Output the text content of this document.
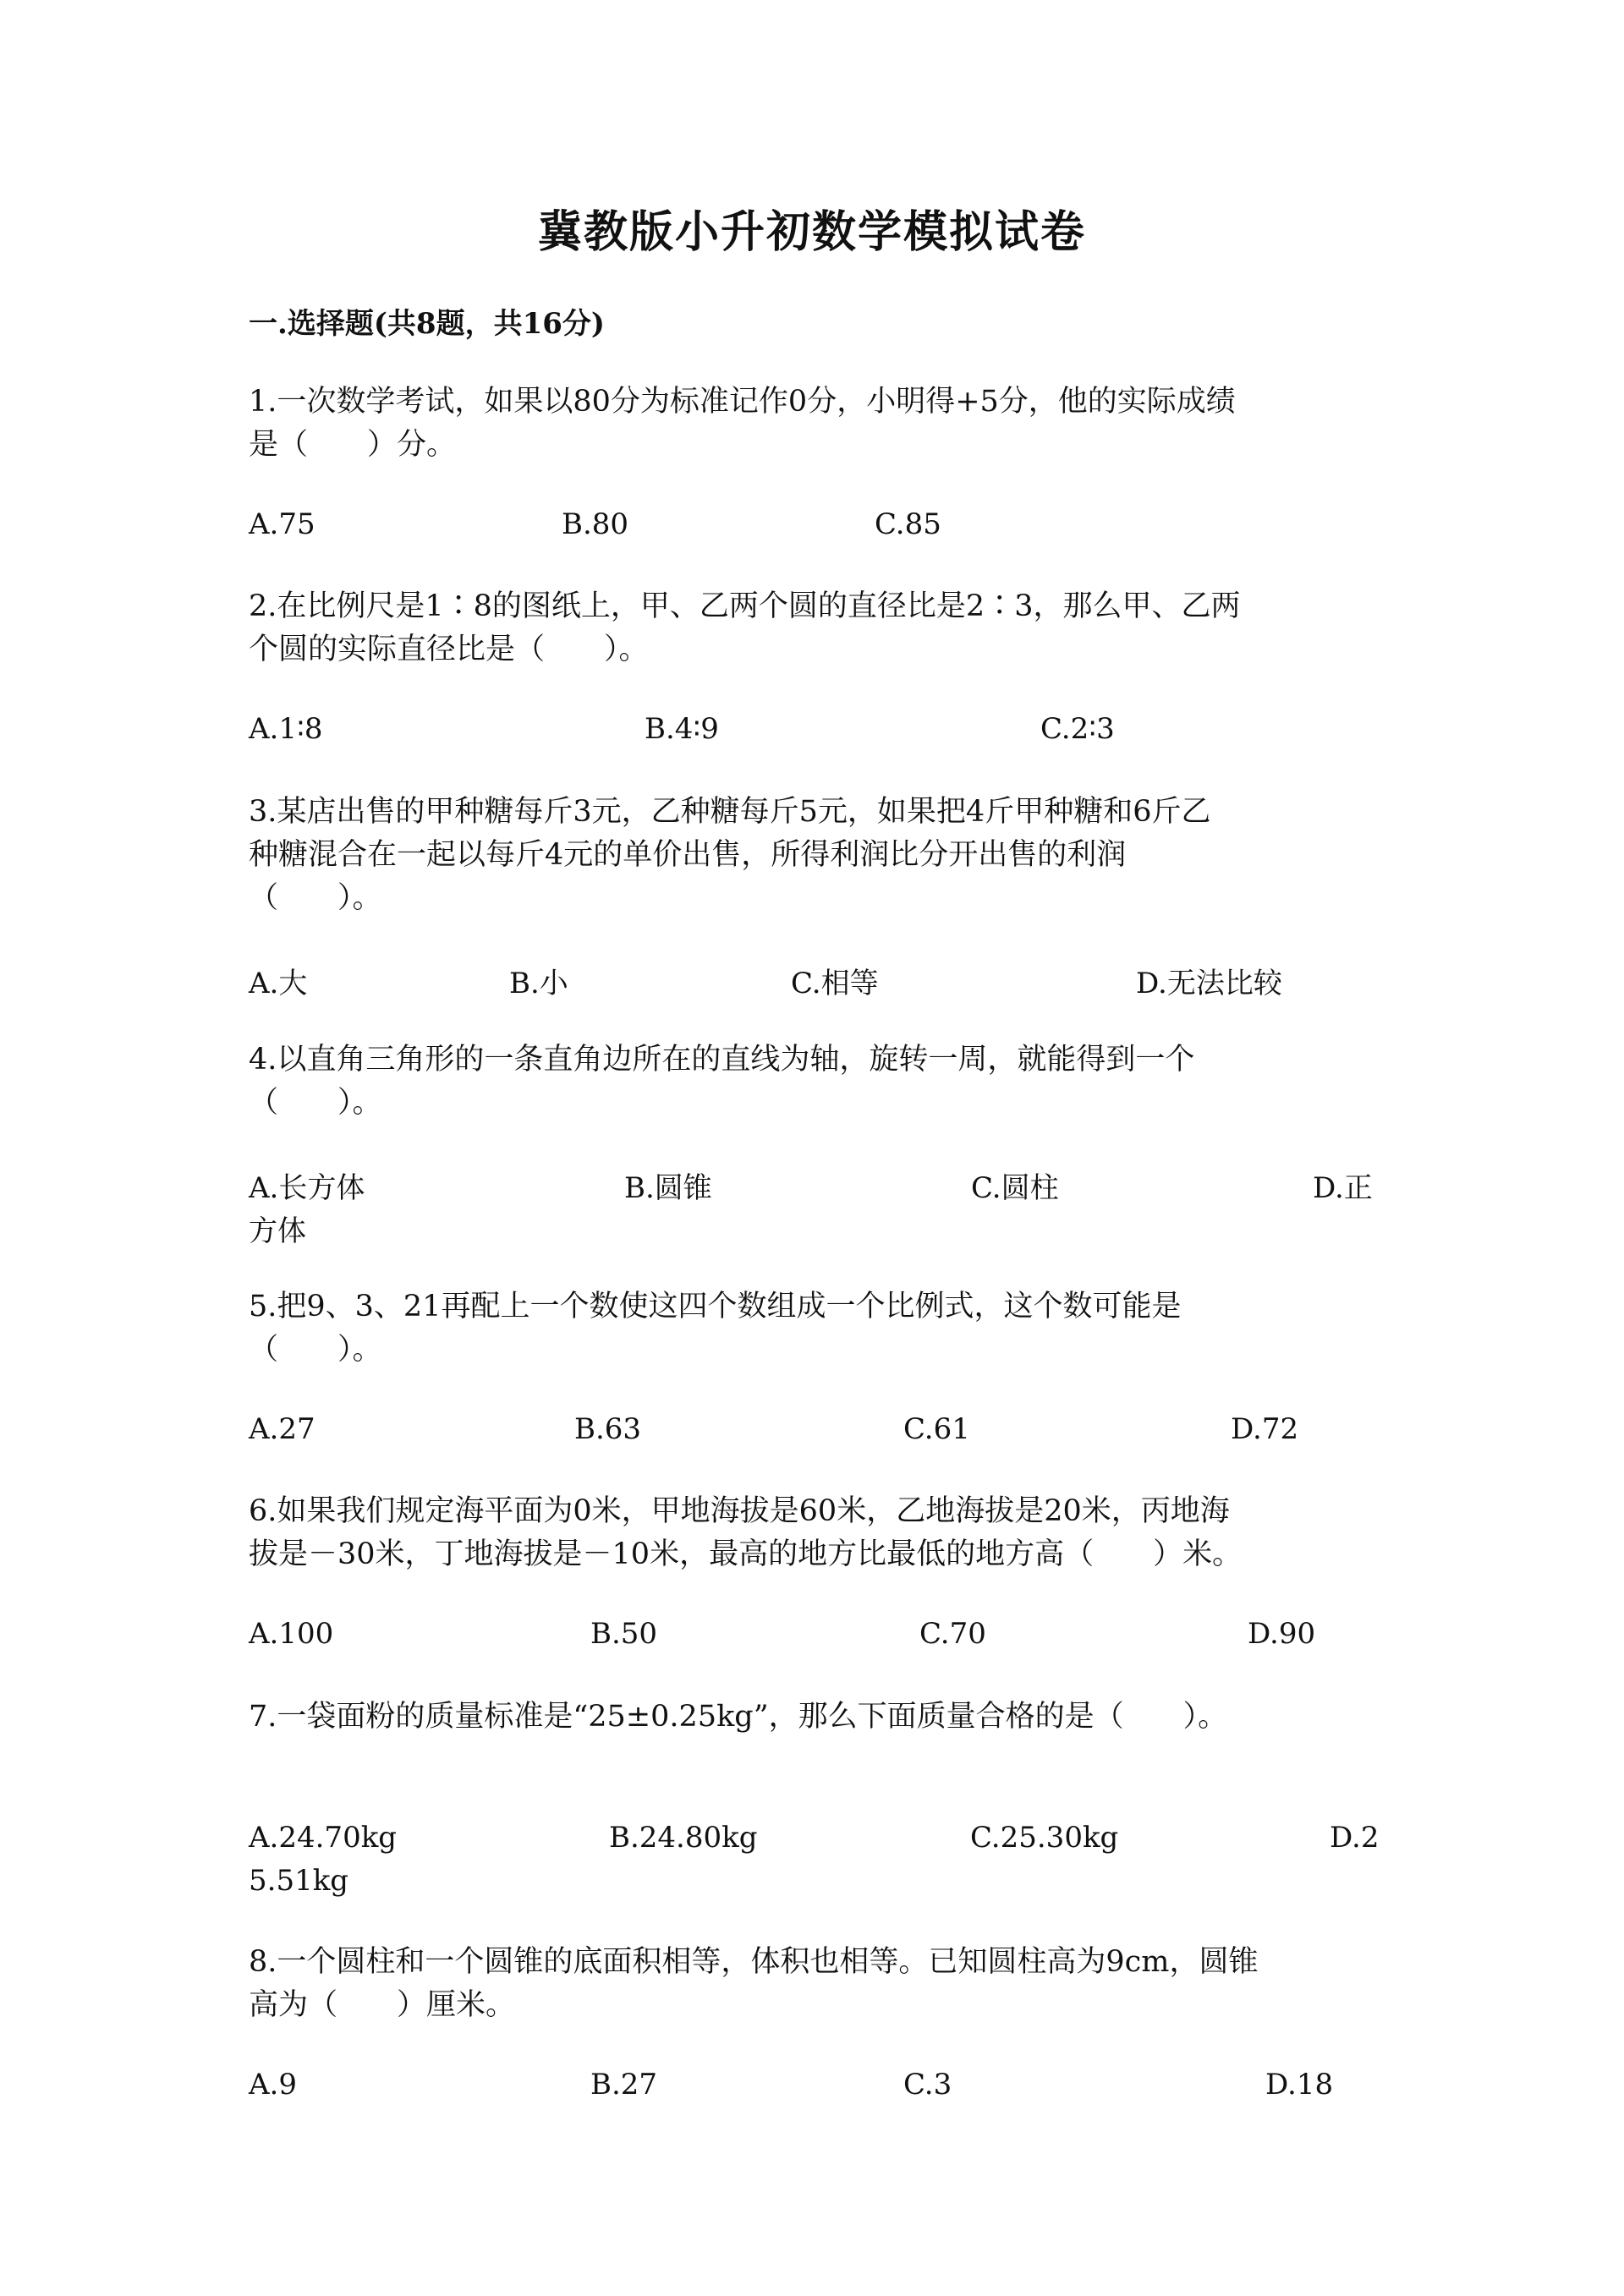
冀教版小升初数学模拟试卷
一.选择题(共8题，共16分)
1.一次数学考试，如果以80分为标准记作0分，小明得+5分，他的实际成绩
是（　　）分。
A.75	B.80	C.85
2.在比例尺是1∶8的图纸上，甲、乙两个圆的直径比是2∶3，那么甲、乙两
个圆的实际直径比是（　　）。
A.1∶8	B.4∶9	C.2∶3
3.某店出售的甲种糖每斤3元，乙种糖每斤5元，如果把4斤甲种糖和6斤乙
种糖混合在一起以每斤4元的单价出售，所得利润比分开出售的利润
（　　）。
A.大	B.小	C.相等	D.无法比较
4.以直角三角形的一条直角边所在的直线为轴，旋转一周，就能得到一个
（　　）。
A.长方体	B.圆锥	C.圆柱	D.正
方体
5.把9、3、21再配上一个数使这四个数组成一个比例式，这个数可能是
（　　）。
A.27	B.63	C.61	D.72
6.如果我们规定海平面为0米，甲地海拔是60米，乙地海拔是20米，丙地海
拔是－30米，丁地海拔是－10米，最高的地方比最低的地方高（　　）米。
A.100	B.50	C.70	D.90
7.一袋面粉的质量标准是“25±0.25kg”，那么下面质量合格的是（　　）。
A.24.70kg	B.24.80kg	C.25.30kg	D.2
5.51kg
8.一个圆柱和一个圆锥的底面积相等，体积也相等。已知圆柱高为9cm，圆锥
高为（　　）厘米。
A.9	B.27	C.3	D.18
